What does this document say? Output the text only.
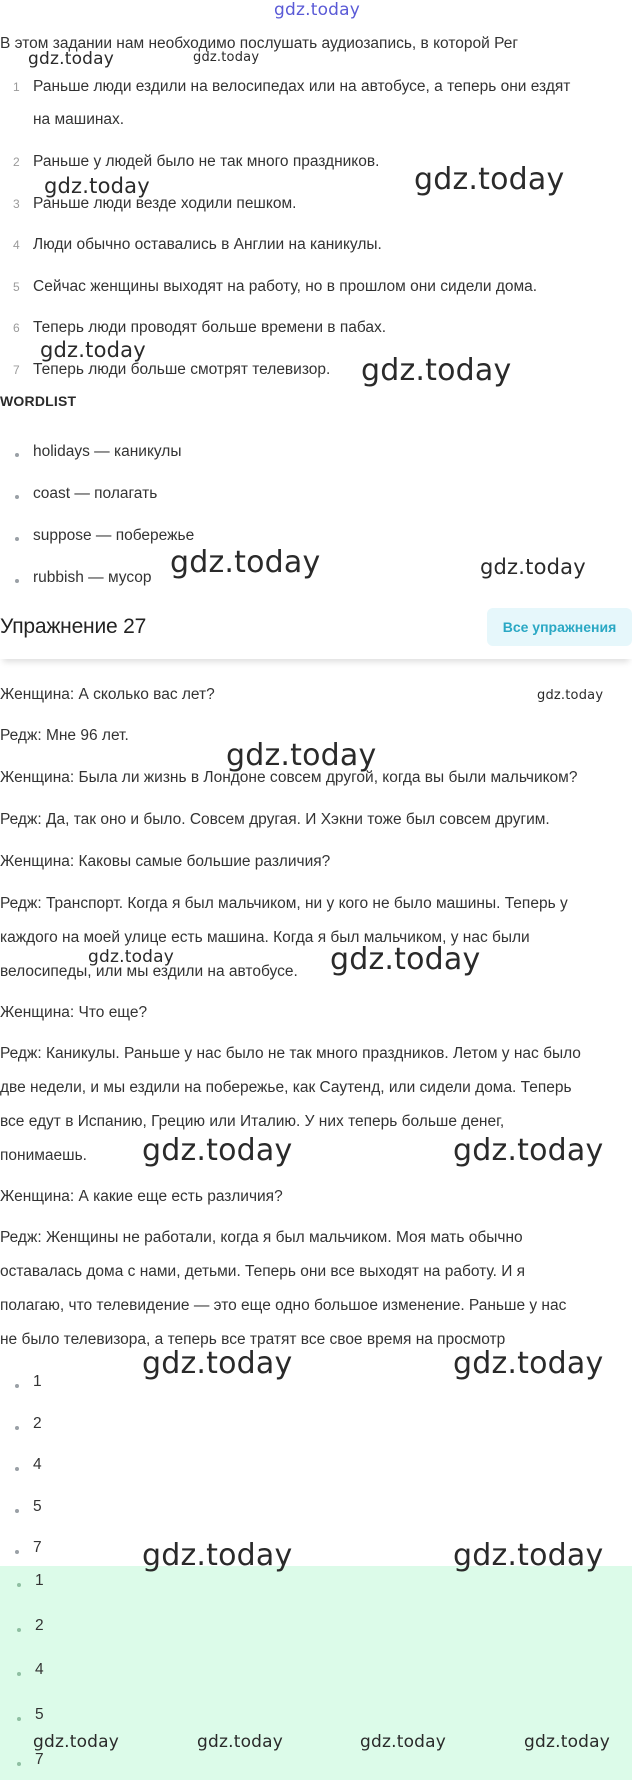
gdz.today
В этом задании нам необходимо послушать аудиозапись, в которой Рег
1 Раньше люди ездили на велосипедах или на автобусе, а теперь они ездят
на машинах.
2 Раньше у людей было не так много праздников.
3 Раньше люди везде ходили пешком.
4 Люди обычно оставались в Англии на каникулы.
5 Сейчас женщины выходят на работу, но в прошлом они сидели дома.
6 Теперь люди проводят больше времени в пабах.
7 Теперь люди больше смотрят телевизор.
WORDLIST
holidays — каникулы
coast — полагать
suppose — побережье
rubbish — мусор
Упражнение 27	Все упражнения
Женщина: А сколько вас лет?
Редж: Мне 96 лет.
Женщина: Была ли жизнь в Лондоне совсем другой, когда вы были мальчиком?
Редж: Да, так оно и было. Совсем другая. И Хэкни тоже был совсем другим.
Женщина: Каковы самые большие различия?
Редж: Транспорт. Когда я был мальчиком, ни у кого не было машины. Теперь у
каждого на моей улице есть машина. Когда я был мальчиком, у нас были
велосипеды, или мы ездили на автобусе.
Женщина: Что еще?
Редж: Каникулы. Раньше у нас было не так много праздников. Летом у нас было
две недели, и мы ездили на побережье, как Саутенд, или сидели дома. Теперь
все едут в Испанию, Грецию или Италию. У них теперь больше денег,
понимаешь.
Женщина: А какие еще есть различия?
Редж: Женщины не работали, когда я был мальчиком. Моя мать обычно
оставалась дома с нами, детьми. Теперь они все выходят на работу. И я
полагаю, что телевидение — это еще одно большое изменение. Раньше у нас
не было телевизора, а теперь все тратят все свое время на просмотр
1
2
4
5
7
1
2
4
5
7
gdz.today	gdz.today
gdz.today	gdz.today
gdz.today
gdz.today
gdz.today	gdz.today
gdz.today
gdz.today
gdz.today
gdz.today
gdz.today	gdz.today
gdz.today	gdz.today
gdz.today	gdz.today
gdz.today	gdz.today	gdz.today	gdz.today
